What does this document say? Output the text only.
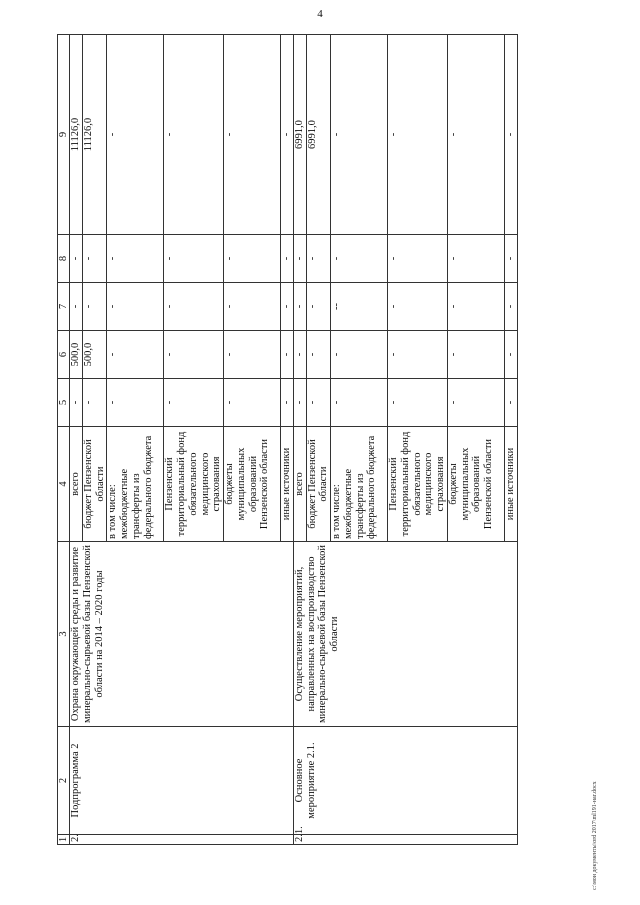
4
1	2	3	4	5	6	7	8	9
2.	Подпрограмма 2	Охрана окружающей среды и развитие минерально-сырьевой базы Пензенской области на 2014 – 2020 годы	всего	-	500,0	-	-	11126,0
			бюджет Пензенской области	-	500,0	-	-	11126,0
			в том числе: межбюджетные трансферты из федерального бюджета	-	-	-	-	-
			Пензенский территориальный фонд обязательного медицинского страхования	-	-	-	-	-
			бюджеты муниципальных образований Пензенской области	-	-	-	-	-
			иные источники	-	-	-	-	-
2.1.	Основное мероприятие 2.1.	Осуществление мероприятий, направленных на воспроизводство минерально-сырьевой базы Пензенской области	всего	-	-	-	-	6991,0
			бюджет Пензенской области	-	-	-	-	6991,0
			в том числе: межбюджетные трансферты из федерального бюджета	-	-	--	-	-
			Пензенский территориальный фонд обязательного медицинского страхования	-	-	-	-	-
			бюджеты муниципальных образований Пензенской области	-	-	-	-	-
			иные источники	-	-	-	-	-
c:\мои документы\ord 2017\ml191-наг.docx
